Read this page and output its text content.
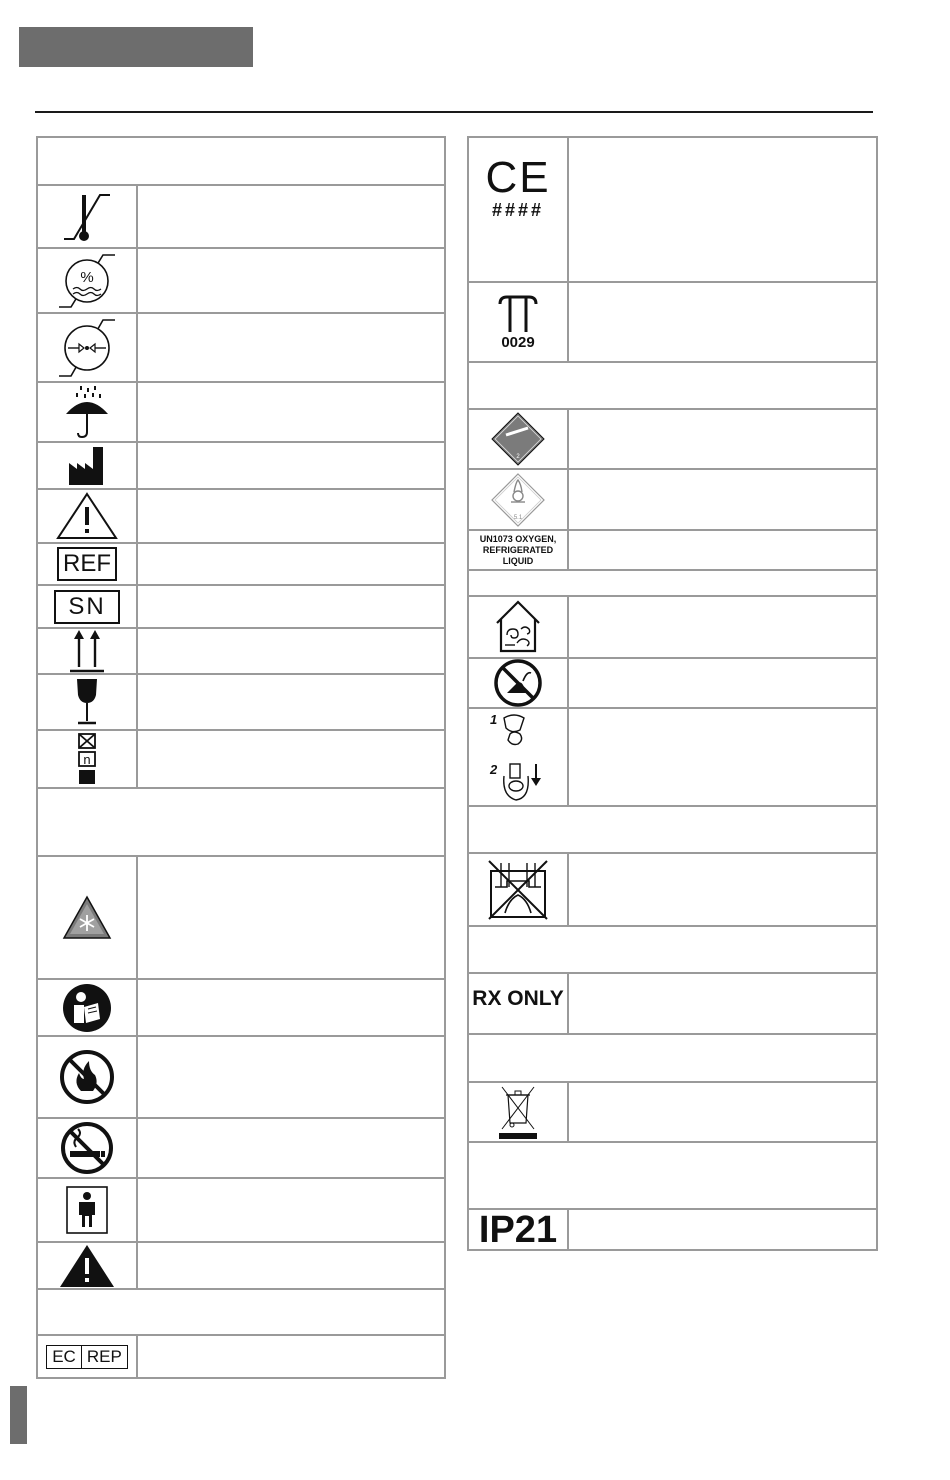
%
REF
SN
n
EC REP
CE
####
0029
2
5.1
UN1073 OXYGEN,
REFRIGERATED LIQUID
1
2
RX ONLY
IP21
